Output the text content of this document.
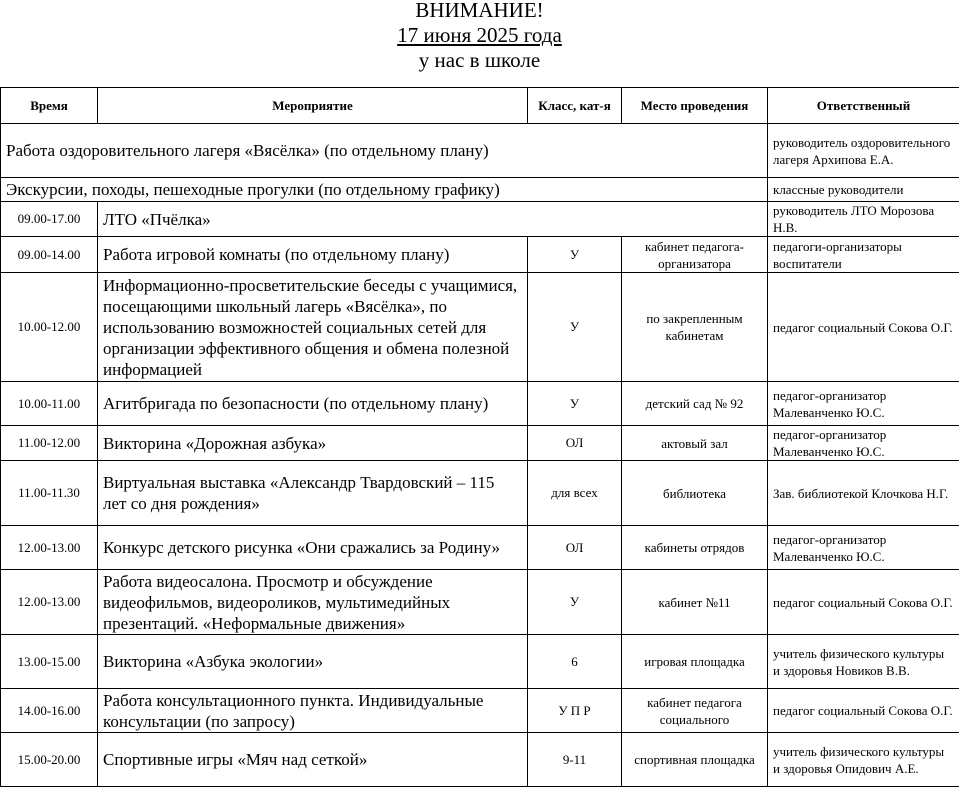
ВНИМАНИЕ!
17 июня 2025 года
у нас в школе
Время	Мероприятие	Класс, кат-я	Место проведения	Ответственный
Работа оздоровительного лагеря «Вясёлка» (по отдельному плану)				руководитель оздоровительного лагеря Архипова Е.А.
Экскурсии, походы, пешеходные прогулки (по отдельному графику)				классные руководители
09.00-17.00	ЛТО «Пчёлка»			руководитель ЛТО Морозова Н.В.
09.00-14.00	Работа игровой комнаты (по отдельному плану)	У	кабинет педагога-организатора	педагоги-организаторы воспитатели
10.00-12.00	Информационно-просветительские беседы с учащимися, посещающими школьный лагерь «Вясёлка», по использованию возможностей социальных сетей для организации эффективного общения и обмена полезной информацией	У	по закрепленным кабинетам	педагог социальный Сокова О.Г.
10.00-11.00	Агитбригада по безопасности (по отдельному плану)	У	детский сад № 92	педагог-организатор Малеванченко Ю.С.
11.00-12.00	Викторина «Дорожная азбука»	ОЛ	актовый зал	педагог-организатор Малеванченко Ю.С.
11.00-11.30	Виртуальная выставка «Александр Твардовский – 115 лет со дня рождения»	для всех	библиотека	Зав. библиотекой Клочкова Н.Г.
12.00-13.00	Конкурс детского рисунка «Они сражались за Родину»	ОЛ	кабинеты отрядов	педагог-организатор Малеванченко Ю.С.
12.00-13.00	Работа видеосалона. Просмотр и обсуждение видеофильмов, видеороликов, мультимедийных презентаций. «Неформальные движения»	У	кабинет №11	педагог социальный Сокова О.Г.
13.00-15.00	Викторина «Азбука экологии»	6	игровая площадка	учитель физического культуры и здоровья Новиков В.В.
14.00-16.00	Работа консультационного пункта. Индивидуальные консультации (по запросу)	У П Р	кабинет педагога социального	педагог социальный Сокова О.Г.
15.00-20.00	Спортивные игры «Мяч над сеткой»	9-11	спортивная площадка	учитель физического культуры и здоровья Опидович А.Е.
